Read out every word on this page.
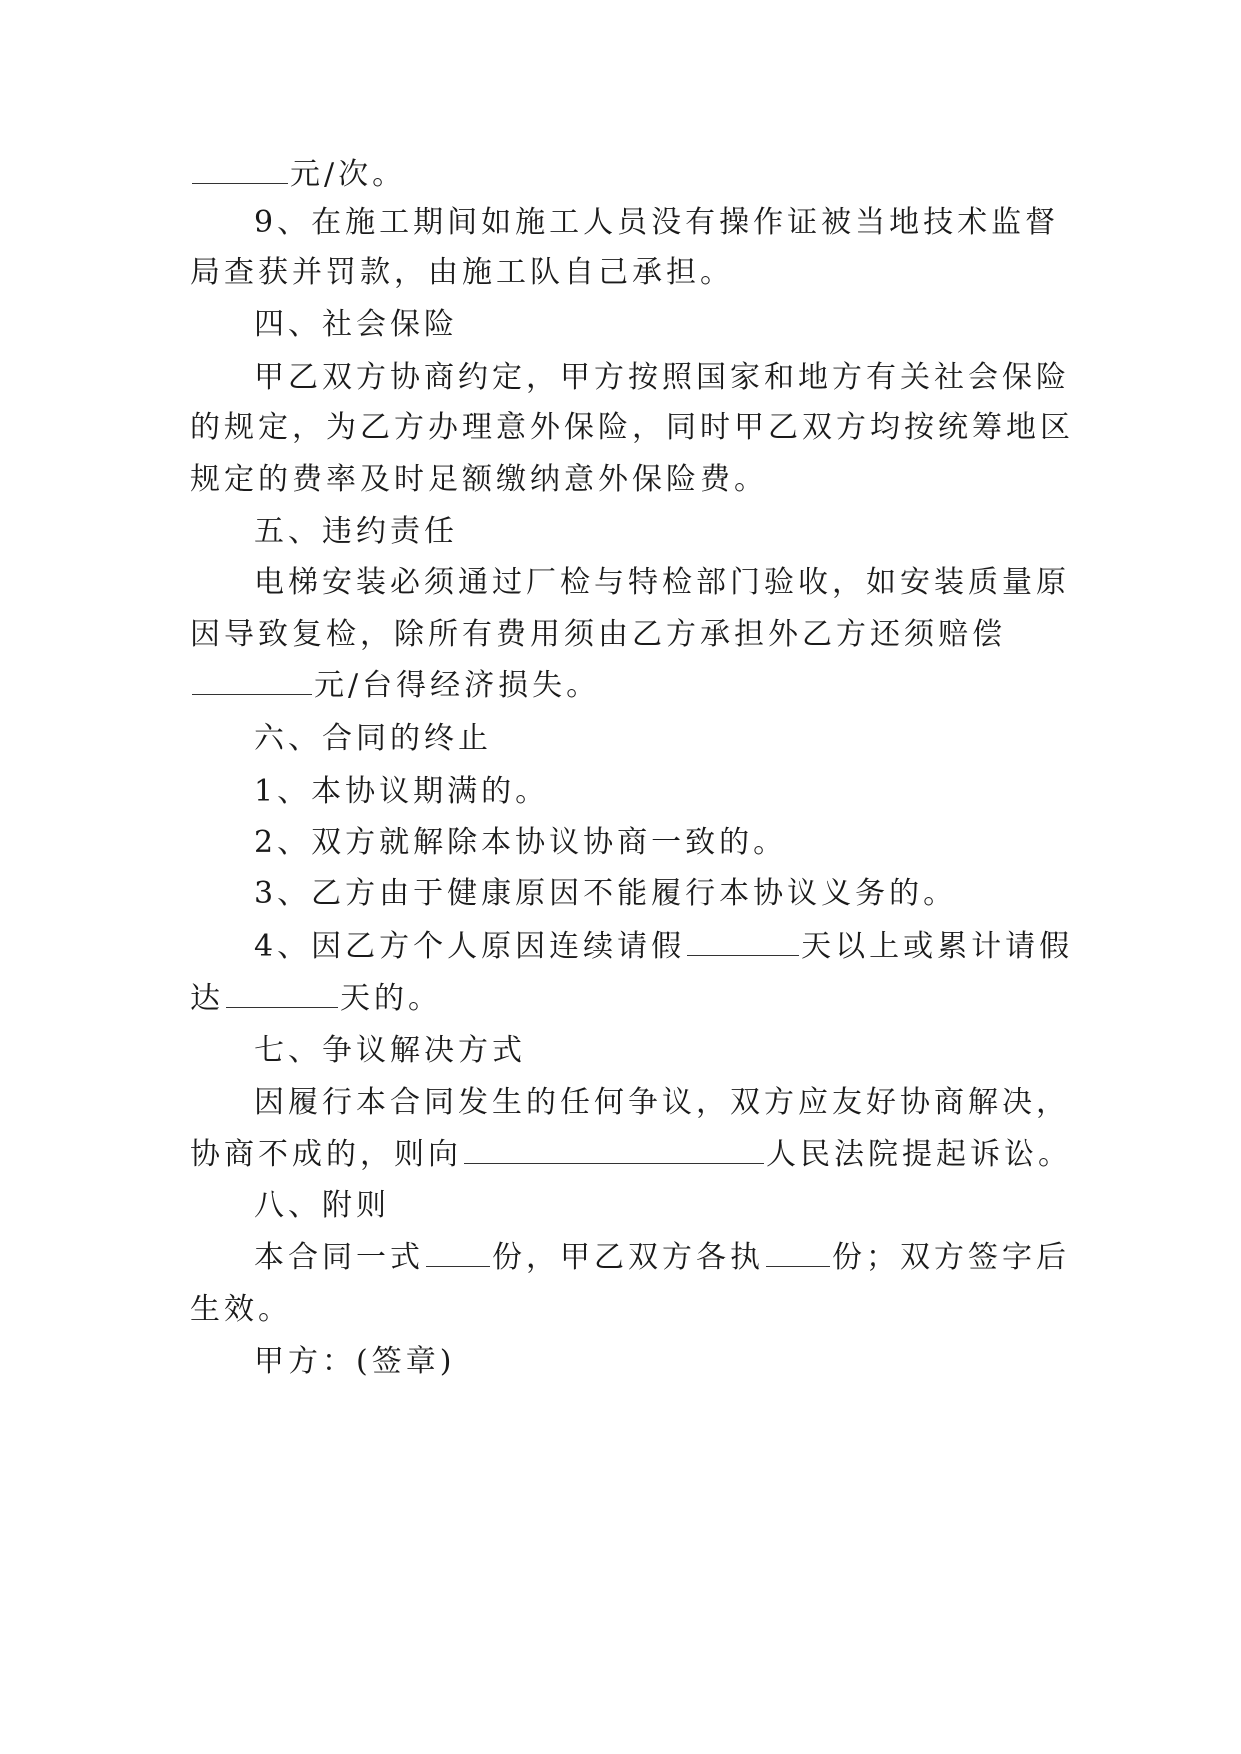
元/次。
9、在施工期间如施工人员没有操作证被当地技术监督
局查获并罚款，由施工队自己承担。
四、社会保险
甲乙双方协商约定，甲方按照国家和地方有关社会保险
的规定，为乙方办理意外保险，同时甲乙双方均按统筹地区
规定的费率及时足额缴纳意外保险费。
五、违约责任
电梯安装必须通过厂检与特检部门验收，如安装质量原
因导致复检，除所有费用须由乙方承担外乙方还须赔偿
元/台得经济损失。
六、合同的终止
1、本协议期满的。
2、双方就解除本协议协商一致的。
3、乙方由于健康原因不能履行本协议义务的。
4、因乙方个人原因连续请假	天以上或累计请假
达	天的。
七、争议解决方式
因履行本合同发生的任何争议，双方应友好协商解决，
协商不成的，则向	人民法院提起诉讼。
八、附则
本合同一式 份，甲乙双方各执 份；双方签字后
生效。
甲方：(签章)
